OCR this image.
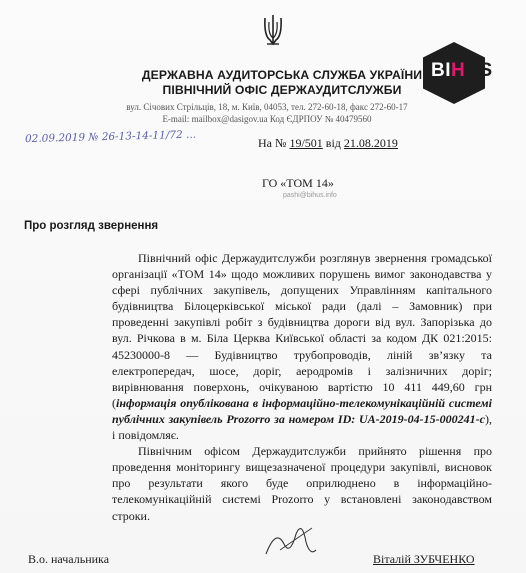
BIHUS
ДЕРЖАВНА АУДИТОРСЬКА СЛУЖБА УКРАЇНИ
ПІВНІЧНИЙ ОФІС ДЕРЖАУДИТСЛУЖБИ
вул. Січових Стрільців, 18, м. Київ, 04053, тел. 272-60-18, факс 272-60-17
E-mail: mailbox@dasigov.ua Код ЄДРПОУ № 40479560
02.09.2019 № 26-13-14-11/72 ...	На № 19/501 від 21.08.2019
ГО «ТОМ 14»
pashi@bihus.info
Про розгляд звернення

Північний офіс Держаудитслужби розглянув звернення громадської організації «ТОМ 14» щодо можливих порушень вимог законодавства у сфері публічних закупівель, допущених Управлінням капітального будівництва Білоцерківської міської ради (далі – Замовник) при проведенні закупівлі робіт з будівництва дороги від вул. Запорізька до вул. Річкова в м. Біла Церква Київської області за кодом ДК 021:2015: 45230000-8 — Будівництво трубопроводів, ліній зв’язку та електропередач, шосе, доріг, аеродромів і залізничних доріг; вирівнювання поверхонь, очікуваною вартістю 10 411 449,60 грн (інформація опублікована в інформаційно-телекомунікаційній системі публічних закупівель Prozorro за номером ID: UA-2019-04-15-000241-c), і повідомляє.

Північним офісом Держаудитслужби прийнято рішення про проведення моніторингу вищезазначеної процедури закупівлі, висновок про результати якого буде оприлюднено в інформаційно-телекомунікаційній системі Prozorro у встановлені законодавством строки.

В.о. начальника	Віталій ЗУБЧЕНКО
